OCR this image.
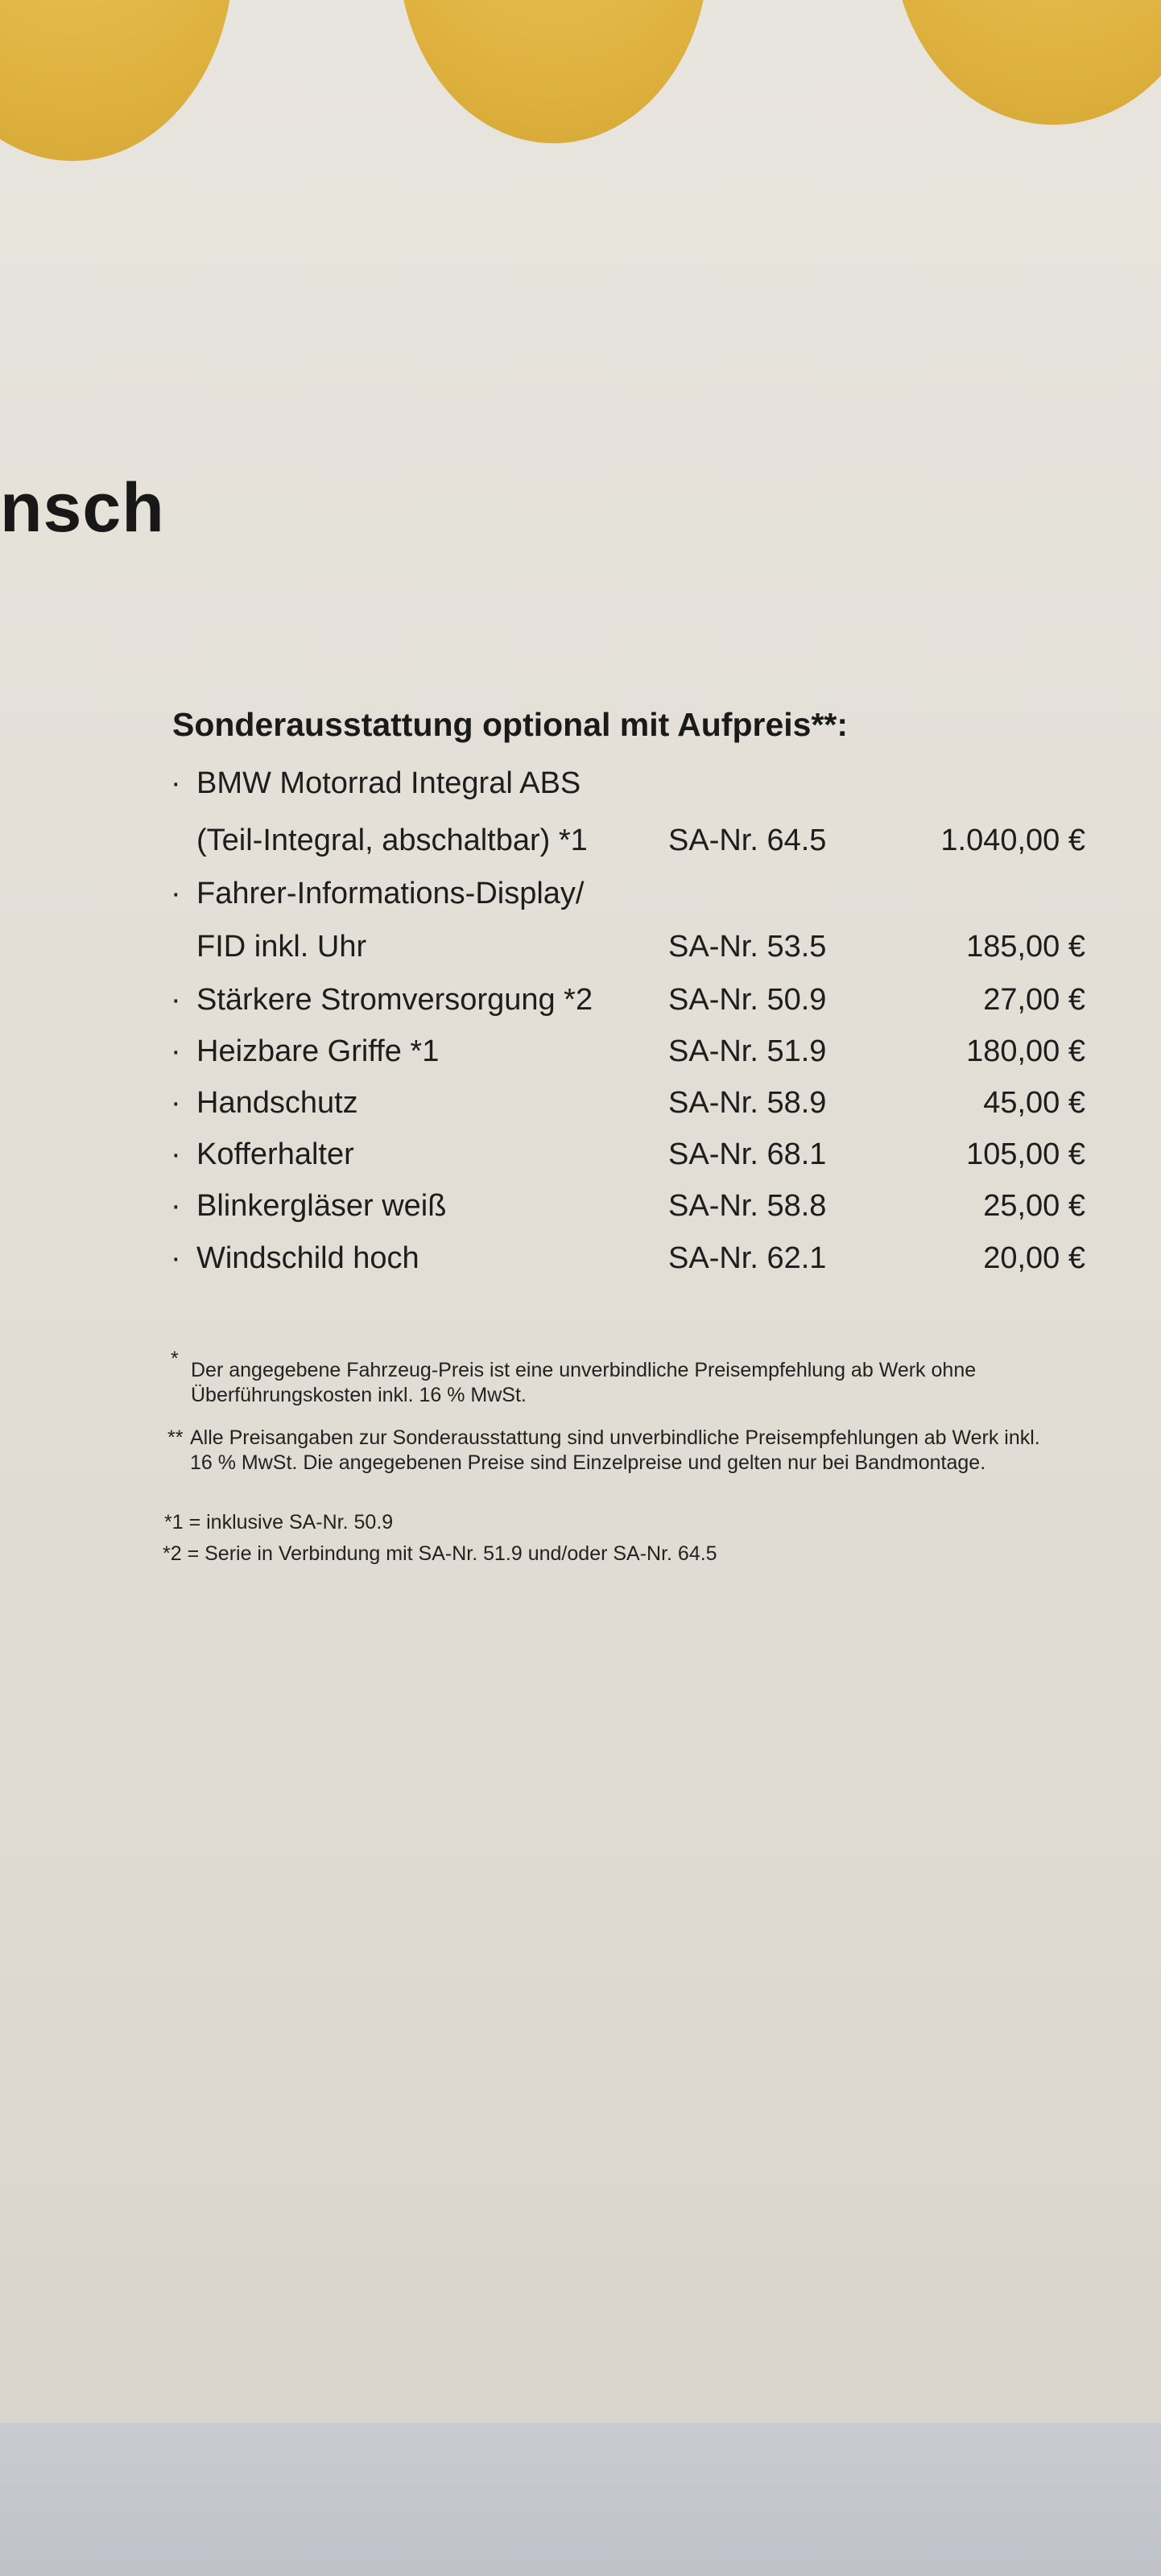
nsch
Sonderausstattung optional mit Aufpreis**:
· BMW Motorrad Integral ABS
(Teil-Integral, abschaltbar) *1	SA-Nr. 64.5	1.040,00 €
· Fahrer-Informations-Display/
FID inkl. Uhr	SA-Nr. 53.5	185,00 €
· Stärkere Stromversorgung *2 SA-Nr. 50.9	27,00 €
· Heizbare Griffe *1	SA-Nr. 51.9	180,00 €
· Handschutz	SA-Nr. 58.9	45,00 €
· Kofferhalter	SA-Nr. 68.1	105,00 €
· Blinkergläser weiß	SA-Nr. 58.8	25,00 €
· Windschild hoch	SA-Nr. 62.1	20,00 €
* Der angegebene Fahrzeug-Preis ist eine unverbindliche Preisempfehlung ab Werk ohne
Überführungskosten inkl. 16 % MwSt.
** Alle Preisangaben zur Sonderausstattung sind unverbindliche Preisempfehlungen ab Werk inkl.
16 % MwSt. Die angegebenen Preise sind Einzelpreise und gelten nur bei Bandmontage.
*1 = inklusive SA-Nr. 50.9
*2 = Serie in Verbindung mit SA-Nr. 51.9 und/oder SA-Nr. 64.5
